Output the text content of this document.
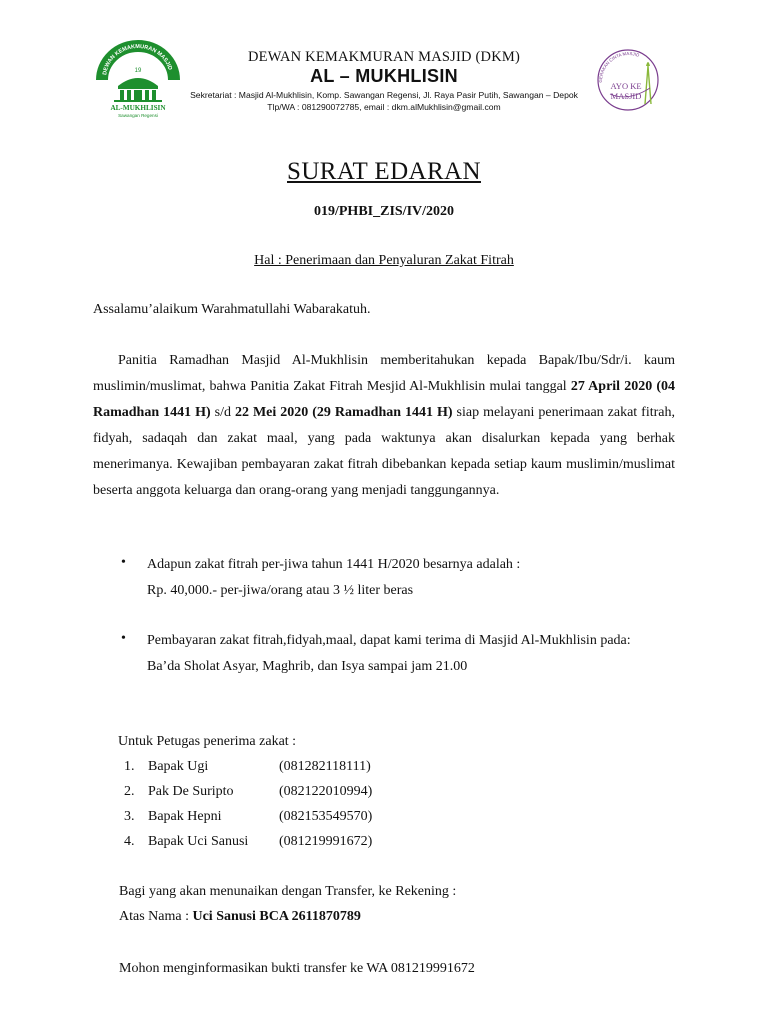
DEWAN KEMAKMURAN MASJID
19
AL-MUKHLISIN
Sawangan Regensi
GERAKAN CINTA MASJID
AYO KE
MASJID
DEWAN KEMAKMURAN MASJID (DKM)
AL – MUKHLISIN
Sekretariat : Masjid Al-Mukhlisin, Komp. Sawangan Regensi, Jl. Raya Pasir Putih, Sawangan – Depok
Tlp/WA : 081290072785, email : dkm.alMukhlisin@gmail.com
SURAT EDARAN
019/PHBI_ZIS/IV/2020
Hal : Penerimaan dan Penyaluran Zakat Fitrah
Assalamu’alaikum Warahmatullahi Wabarakatuh.
Panitia Ramadhan Masjid Al-Mukhlisin memberitahukan kepada Bapak/Ibu/Sdr/i. kaum muslimin/muslimat, bahwa Panitia Zakat Fitrah Mesjid Al-Mukhlisin mulai tanggal 27 April 2020 (04 Ramadhan 1441 H) s/d 22 Mei 2020 (29 Ramadhan 1441 H) siap melayani penerimaan zakat fitrah, fidyah, sadaqah dan zakat maal, yang pada waktunya akan disalurkan kepada yang berhak menerimanya. Kewajiban pembayaran zakat fitrah dibebankan kepada setiap kaum muslimin/muslimat beserta anggota keluarga dan orang-orang yang menjadi tanggungannya.
• Adapun zakat fitrah per-jiwa tahun 1441 H/2020 besarnya adalah :
Rp. 40,000.- per-jiwa/orang atau 3 ½ liter beras
• Pembayaran zakat fitrah,fidyah,maal, dapat kami terima di Masjid Al-Mukhlisin pada:
Ba’da Sholat Asyar, Maghrib, dan Isya sampai jam 21.00
Untuk Petugas penerima zakat :
1. Bapak Ugi	(081282118111)
2. Pak De Suripto	(082122010994)
3. Bapak Hepni	(082153549570)
4. Bapak Uci Sanusi (081219991672)
Bagi yang akan menunaikan dengan Transfer, ke Rekening :
Atas Nama : Uci Sanusi BCA 2611870789
Mohon menginformasikan bukti transfer ke WA 081219991672
